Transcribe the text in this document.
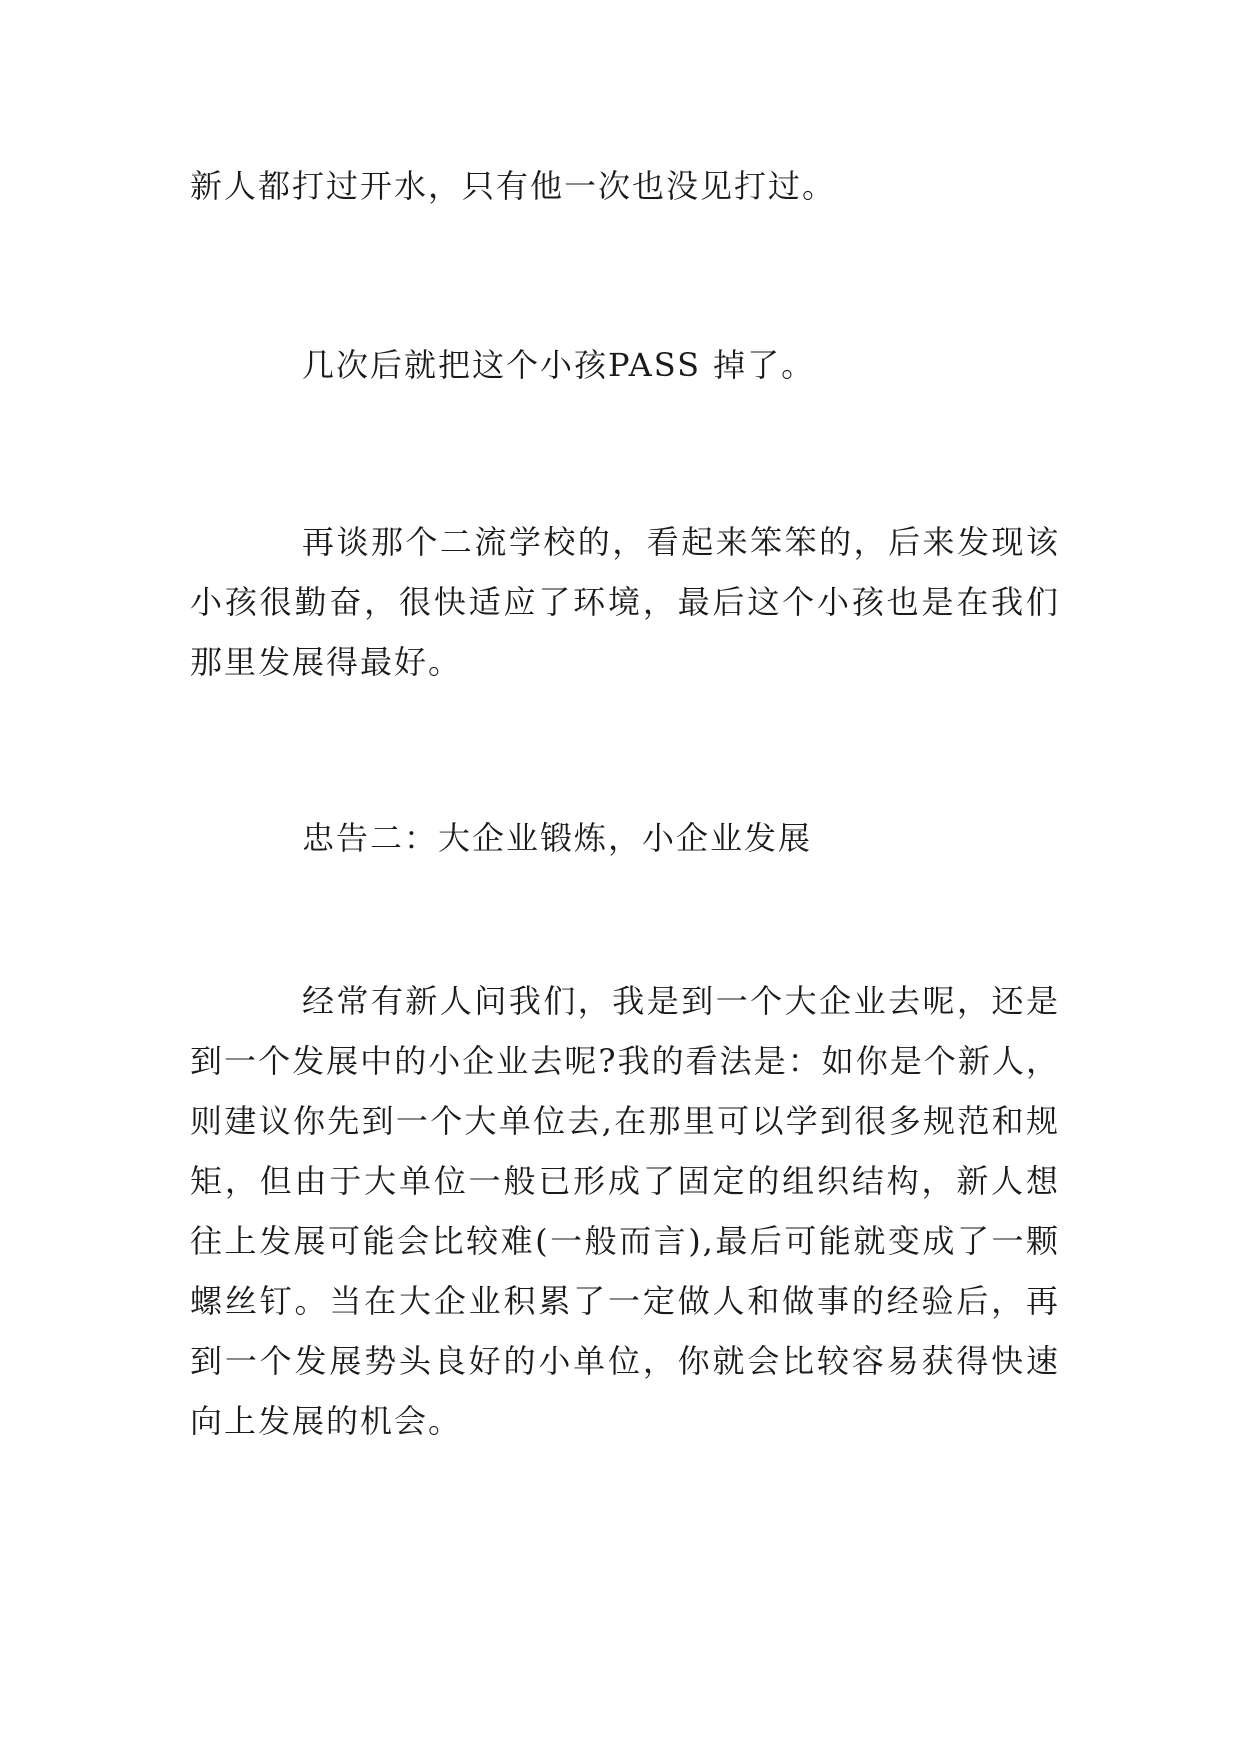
新人都打过开水，只有他一次也没见打过。

几次后就把这个小孩PASS 掉了。

再谈那个二流学校的，看起来笨笨的，后来发现该小孩很勤奋，很快适应了环境，最后这个小孩也是在我们那里发展得最好。

忠告二：大企业锻炼，小企业发展

经常有新人问我们，我是到一个大企业去呢，还是到一个发展中的小企业去呢?我的看法是：如你是个新人，则建议你先到一个大单位去,在那里可以学到很多规范和规矩，但由于大单位一般已形成了固定的组织结构，新人想往上发展可能会比较难(一般而言),最后可能就变成了一颗螺丝钉。当在大企业积累了一定做人和做事的经验后，再到一个发展势头良好的小单位，你就会比较容易获得快速向上发展的机会。
